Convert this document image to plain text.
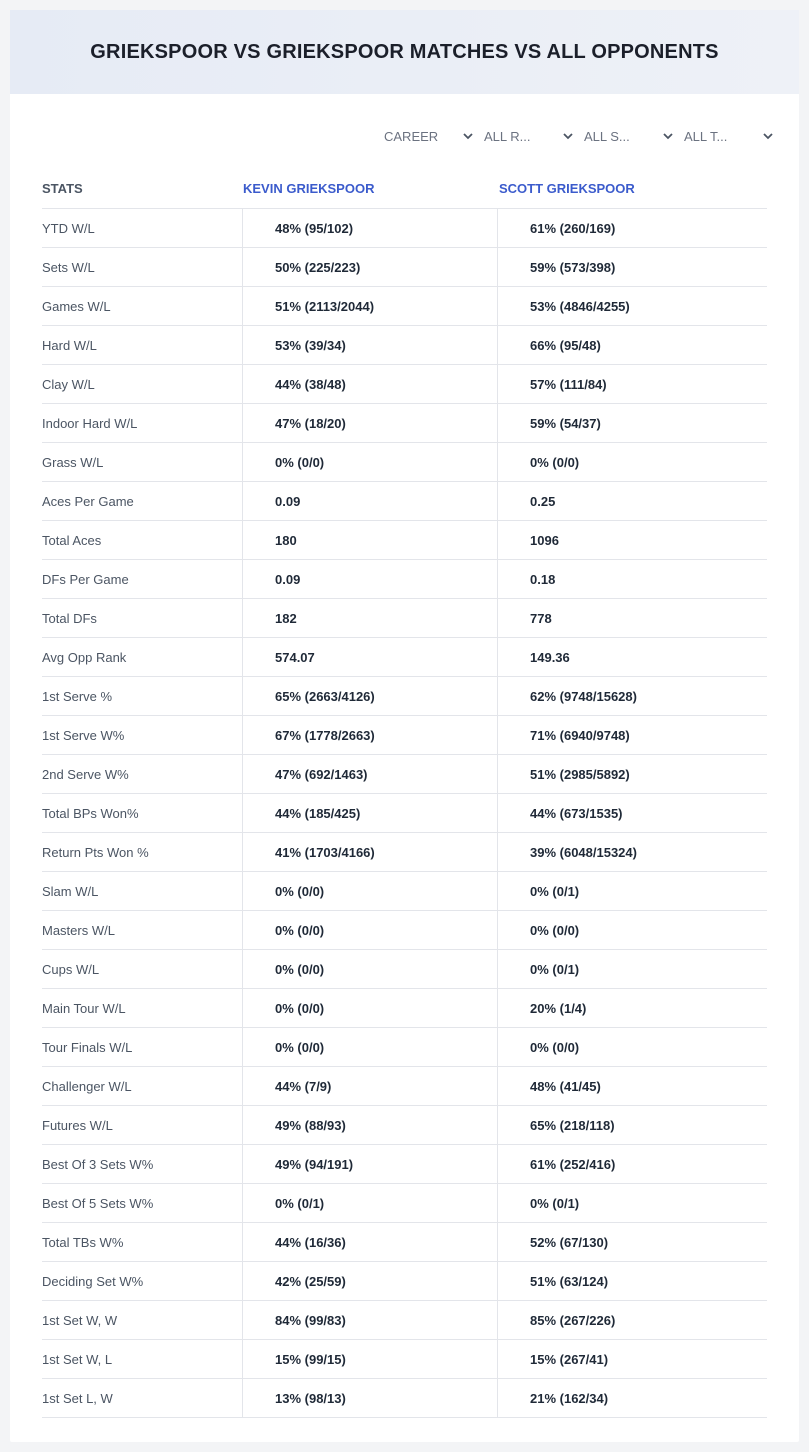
GRIEKSPOOR VS GRIEKSPOOR MATCHES VS ALL OPPONENTS
CAREER	ALL R...	ALL S...	ALL T...
STATS	KEVIN GRIEKSPOOR	SCOTT GRIEKSPOOR
YTD W/L	48% (95/102)	61% (260/169)
Sets W/L	50% (225/223)	59% (573/398)
Games W/L	51% (2113/2044)	53% (4846/4255)
Hard W/L	53% (39/34)	66% (95/48)
Clay W/L	44% (38/48)	57% (111/84)
Indoor Hard W/L	47% (18/20)	59% (54/37)
Grass W/L	0% (0/0)	0% (0/0)
Aces Per Game	0.09	0.25
Total Aces	180	1096
DFs Per Game	0.09	0.18
Total DFs	182	778
Avg Opp Rank	574.07	149.36
1st Serve %	65% (2663/4126)	62% (9748/15628)
1st Serve W%	67% (1778/2663)	71% (6940/9748)
2nd Serve W%	47% (692/1463)	51% (2985/5892)
Total BPs Won%	44% (185/425)	44% (673/1535)
Return Pts Won %	41% (1703/4166)	39% (6048/15324)
Slam W/L	0% (0/0)	0% (0/1)
Masters W/L	0% (0/0)	0% (0/0)
Cups W/L	0% (0/0)	0% (0/1)
Main Tour W/L	0% (0/0)	20% (1/4)
Tour Finals W/L	0% (0/0)	0% (0/0)
Challenger W/L	44% (7/9)	48% (41/45)
Futures W/L	49% (88/93)	65% (218/118)
Best Of 3 Sets W%	49% (94/191)	61% (252/416)
Best Of 5 Sets W%	0% (0/1)	0% (0/1)
Total TBs W%	44% (16/36)	52% (67/130)
Deciding Set W%	42% (25/59)	51% (63/124)
1st Set W, W	84% (99/83)	85% (267/226)
1st Set W, L	15% (99/15)	15% (267/41)
1st Set L, W	13% (98/13)	21% (162/34)
